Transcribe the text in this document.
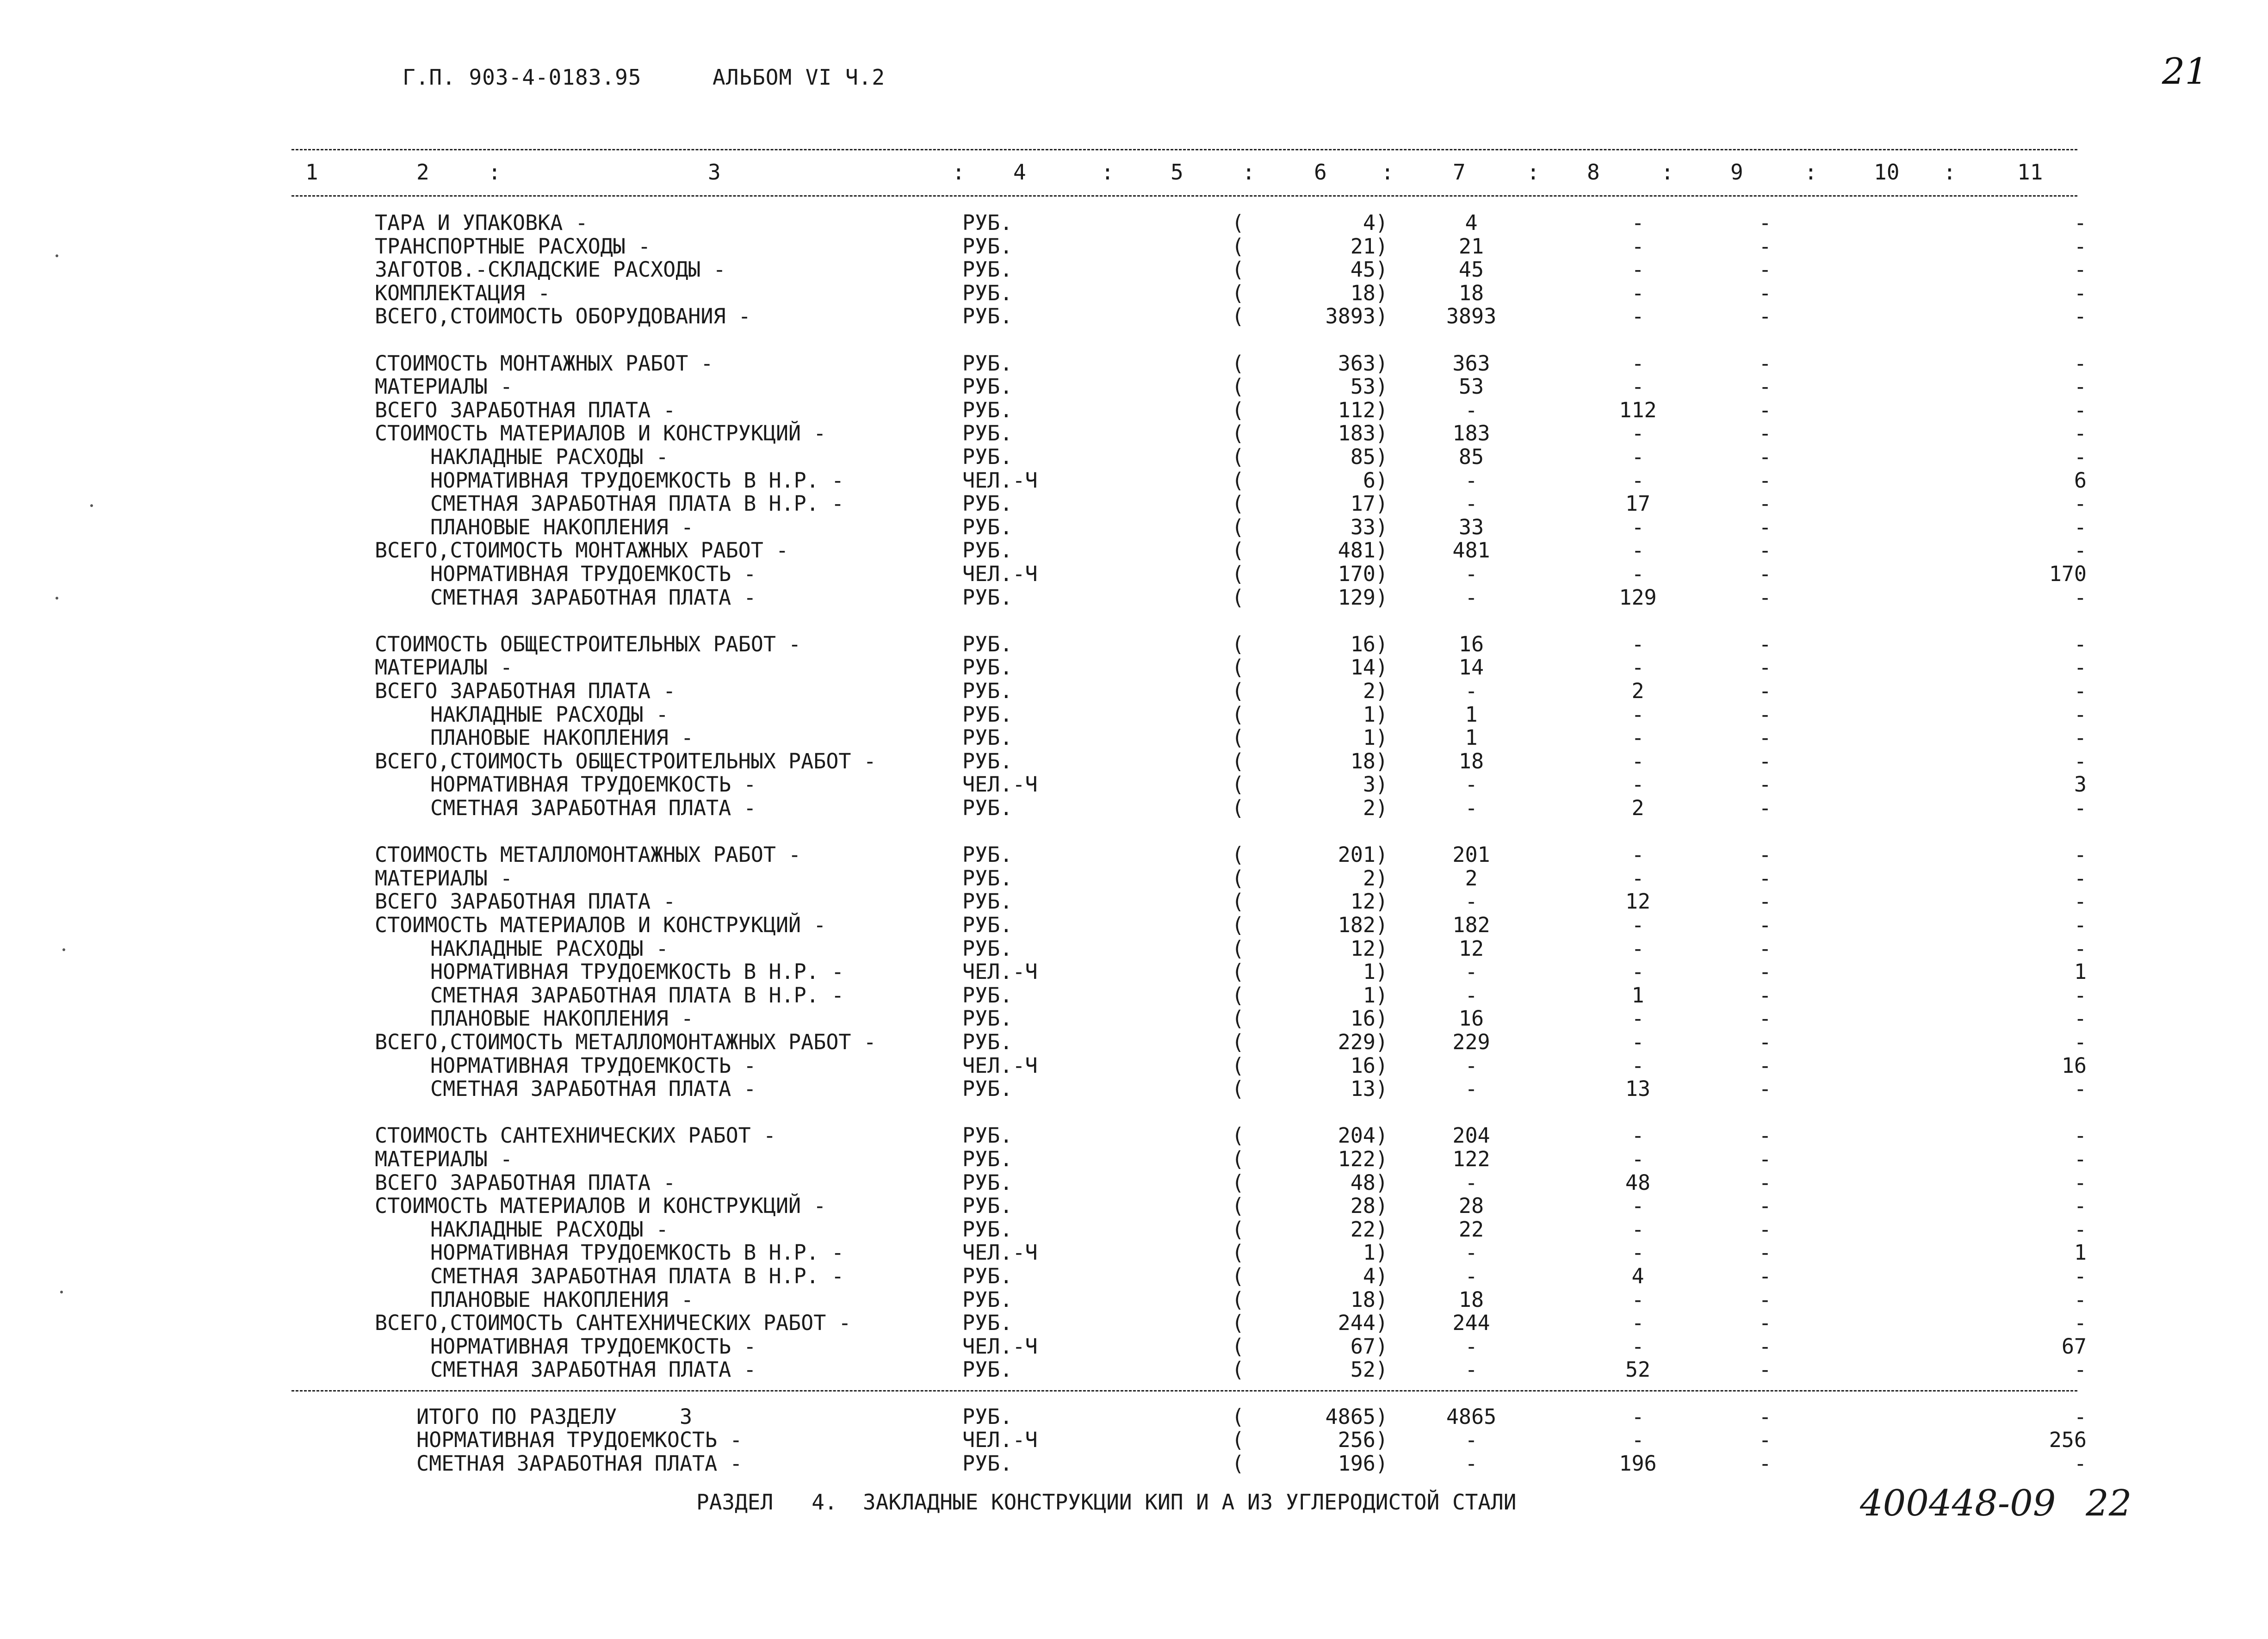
Г.П. 903-4-0183.95	АЛЬБОМ VI Ч.2	21
1	2	:	3	: 4	:	5	:	6	:	7	: 8	:	9	:	10 :	11
ТАРА И УПАКОВКА -	РУБ.	(	4)	4	-	-	-
ТРАНСПОРТНЫЕ РАСХОДЫ -	РУБ.	(	21)	21	-	-	-
ЗАГОТОВ.-СКЛАДСКИЕ РАСХОДЫ -	РУБ.	(	45)	45	-	-	-
КОМПЛЕКТАЦИЯ -	РУБ.	(	18)	18	-	-	-
ВСЕГО,СТОИМОСТЬ ОБОРУДОВАНИЯ -	РУБ.	(	3893)	3893	-	-	-
СТОИМОСТЬ МОНТАЖНЫХ РАБОТ -	РУБ.	(	363)	363	-	-	-
МАТЕРИАЛЫ -	РУБ.	(	53)	53	-	-	-
ВСЕГО ЗАРАБОТНАЯ ПЛАТА -	РУБ.	(	112)	-	112	-	-
СТОИМОСТЬ МАТЕРИАЛОВ И КОНСТРУКЦИЙ -	РУБ.	(	183)	183	-	-	-
НАКЛАДНЫЕ РАСХОДЫ -	РУБ.	(	85)	85	-	-	-
НОРМАТИВНАЯ ТРУДОЕМКОСТЬ В Н.Р. -	ЧЕЛ.-Ч	(	6)	-	-	-	6
СМЕТНАЯ ЗАРАБОТНАЯ ПЛАТА В Н.Р. -	РУБ.	(	17)	-	17	-	-
ПЛАНОВЫЕ НАКОПЛЕНИЯ -	РУБ.	(	33)	33	-	-	-
ВСЕГО,СТОИМОСТЬ МОНТАЖНЫХ РАБОТ -	РУБ.	(	481)	481	-	-	-
НОРМАТИВНАЯ ТРУДОЕМКОСТЬ -	ЧЕЛ.-Ч	(	170)	-	-	-	170
СМЕТНАЯ ЗАРАБОТНАЯ ПЛАТА -	РУБ.	(	129)	-	129	-	-
СТОИМОСТЬ ОБЩЕСТРОИТЕЛЬНЫХ РАБОТ -	РУБ.	(	16)	16	-	-	-
МАТЕРИАЛЫ -	РУБ.	(	14)	14	-	-	-
ВСЕГО ЗАРАБОТНАЯ ПЛАТА -	РУБ.	(	2)	-	2	-	-
НАКЛАДНЫЕ РАСХОДЫ -	РУБ.	(	1)	1	-	-	-
ПЛАНОВЫЕ НАКОПЛЕНИЯ -	РУБ.	(	1)	1	-	-	-
ВСЕГО,СТОИМОСТЬ ОБЩЕСТРОИТЕЛЬНЫХ РАБОТ -	РУБ.	(	18)	18	-	-	-
НОРМАТИВНАЯ ТРУДОЕМКОСТЬ -	ЧЕЛ.-Ч	(	3)	-	-	-	3
СМЕТНАЯ ЗАРАБОТНАЯ ПЛАТА -	РУБ.	(	2)	-	2	-	-
СТОИМОСТЬ МЕТАЛЛОМОНТАЖНЫХ РАБОТ -	РУБ.	(	201)	201	-	-	-
МАТЕРИАЛЫ -	РУБ.	(	2)	2	-	-	-
ВСЕГО ЗАРАБОТНАЯ ПЛАТА -	РУБ.	(	12)	-	12	-	-
СТОИМОСТЬ МАТЕРИАЛОВ И КОНСТРУКЦИЙ -	РУБ.	(	182)	182	-	-	-
НАКЛАДНЫЕ РАСХОДЫ -	РУБ.	(	12)	12	-	-	-
НОРМАТИВНАЯ ТРУДОЕМКОСТЬ В Н.Р. -	ЧЕЛ.-Ч	(	1)	-	-	-	1
СМЕТНАЯ ЗАРАБОТНАЯ ПЛАТА В Н.Р. -	РУБ.	(	1)	-	1	-	-
ПЛАНОВЫЕ НАКОПЛЕНИЯ -	РУБ.	(	16)	16	-	-	-
ВСЕГО,СТОИМОСТЬ МЕТАЛЛОМОНТАЖНЫХ РАБОТ -	РУБ.	(	229)	229	-	-	-
НОРМАТИВНАЯ ТРУДОЕМКОСТЬ -	ЧЕЛ.-Ч	(	16)	-	-	-	16
СМЕТНАЯ ЗАРАБОТНАЯ ПЛАТА -	РУБ.	(	13)	-	13	-	-
СТОИМОСТЬ САНТЕХНИЧЕСКИХ РАБОТ -	РУБ.	(	204)	204	-	-	-
МАТЕРИАЛЫ -	РУБ.	(	122)	122	-	-	-
ВСЕГО ЗАРАБОТНАЯ ПЛАТА -	РУБ.	(	48)	-	48	-	-
СТОИМОСТЬ МАТЕРИАЛОВ И КОНСТРУКЦИЙ -	РУБ.	(	28)	28	-	-	-
НАКЛАДНЫЕ РАСХОДЫ -	РУБ.	(	22)	22	-	-	-
НОРМАТИВНАЯ ТРУДОЕМКОСТЬ В Н.Р. -	ЧЕЛ.-Ч	(	1)	-	-	-	1
СМЕТНАЯ ЗАРАБОТНАЯ ПЛАТА В Н.Р. -	РУБ.	(	4)	-	4	-	-
ПЛАНОВЫЕ НАКОПЛЕНИЯ -	РУБ.	(	18)	18	-	-	-
ВСЕГО,СТОИМОСТЬ САНТЕХНИЧЕСКИХ РАБОТ -	РУБ.	(	244)	244	-	-	-
НОРМАТИВНАЯ ТРУДОЕМКОСТЬ -	ЧЕЛ.-Ч	(	67)	-	-	-	67
СМЕТНАЯ ЗАРАБОТНАЯ ПЛАТА -	РУБ.	(	52)	-	52	-	-
ИТОГО ПО РАЗДЕЛУ     3	РУБ.	(	4865)	4865	-	-	-
НОРМАТИВНАЯ ТРУДОЕМКОСТЬ -	ЧЕЛ.-Ч	(	256)	-	-	-	256
СМЕТНАЯ ЗАРАБОТНАЯ ПЛАТА -	РУБ.	(	196)	-	196	-	-
РАЗДЕЛ   4.  ЗАКЛАДНЫЕ КОНСТРУКЦИИ КИП И А ИЗ УГЛЕРОДИСТОЙ СТАЛИ	400448-09 22
